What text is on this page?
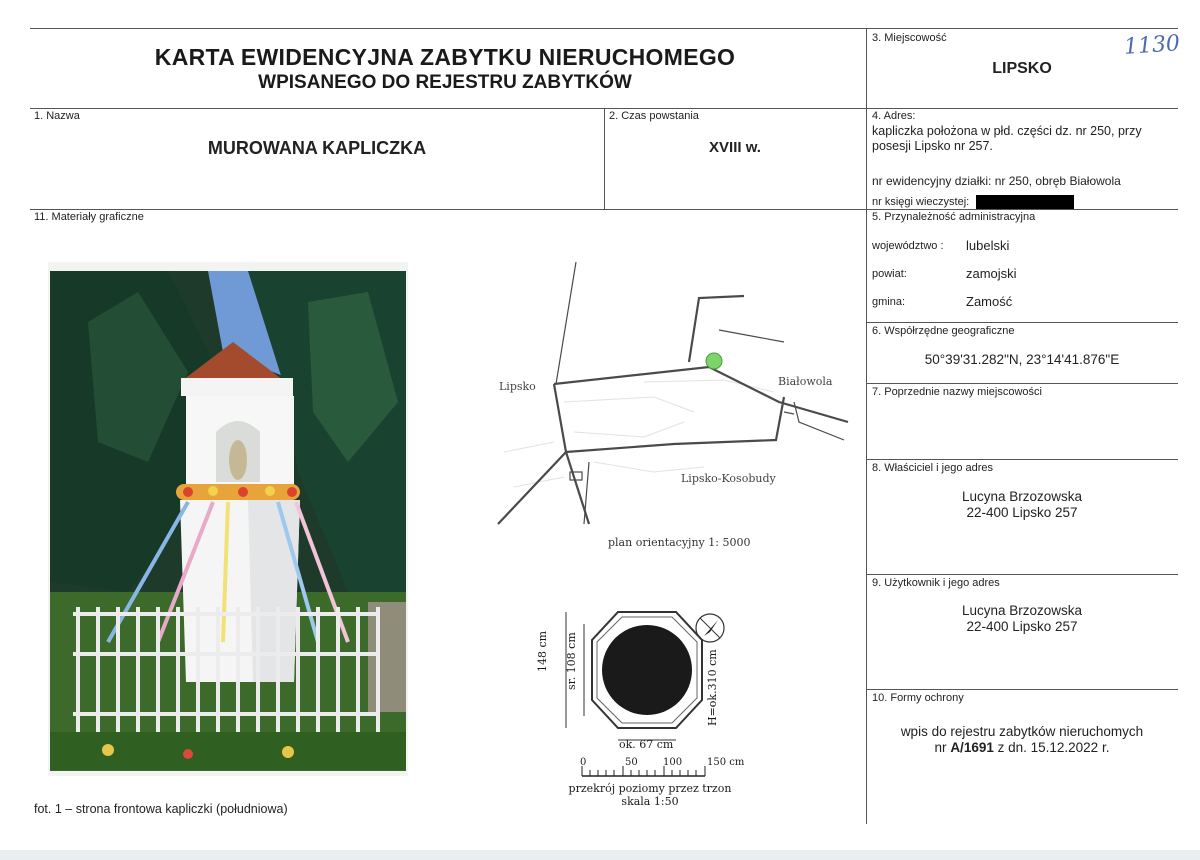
KARTA EWIDENCYJNA ZABYTKU NIERUCHOMEGO
WPISANEGO DO REJESTRU ZABYTKÓW
3. Miejscowość	1130
LIPSKO
1. Nazwa
MUROWANA KAPLICZKA
2. Czas powstania
XVIII w.
4. Adres:
kapliczka położona w płd. części dz. nr 250, przy
posesji Lipsko nr 257.
nr ewidencyjny działki: nr 250, obręb Białowola
nr księgi wieczystej:
11. Materiały graficzne
fot. 1 – strona frontowa kapliczki (południowa)
Lipsko	Białowola
Lipsko-Kosobudy
plan orientacyjny 1: 5000
148 cm sr. 108 cm	H=ok.310 cm
ok. 67 cm
0	50	100 150 cm
przekrój poziomy przez trzon
skala 1:50
5. Przynależność administracyjna
województwo : lubelski
powiat:	zamojski
gmina:	Zamość
6. Współrzędne geograficzne
50°39'31.282"N, 23°14'41.876"E
7. Poprzednie nazwy miejscowości
8. Właściciel i jego adres
Lucyna Brzozowska
22-400 Lipsko 257
9. Użytkownik i jego adres
Lucyna Brzozowska
22-400 Lipsko 257
10. Formy ochrony
wpis do rejestru zabytków nieruchomych
nr A/1691 z dn. 15.12.2022 r.
